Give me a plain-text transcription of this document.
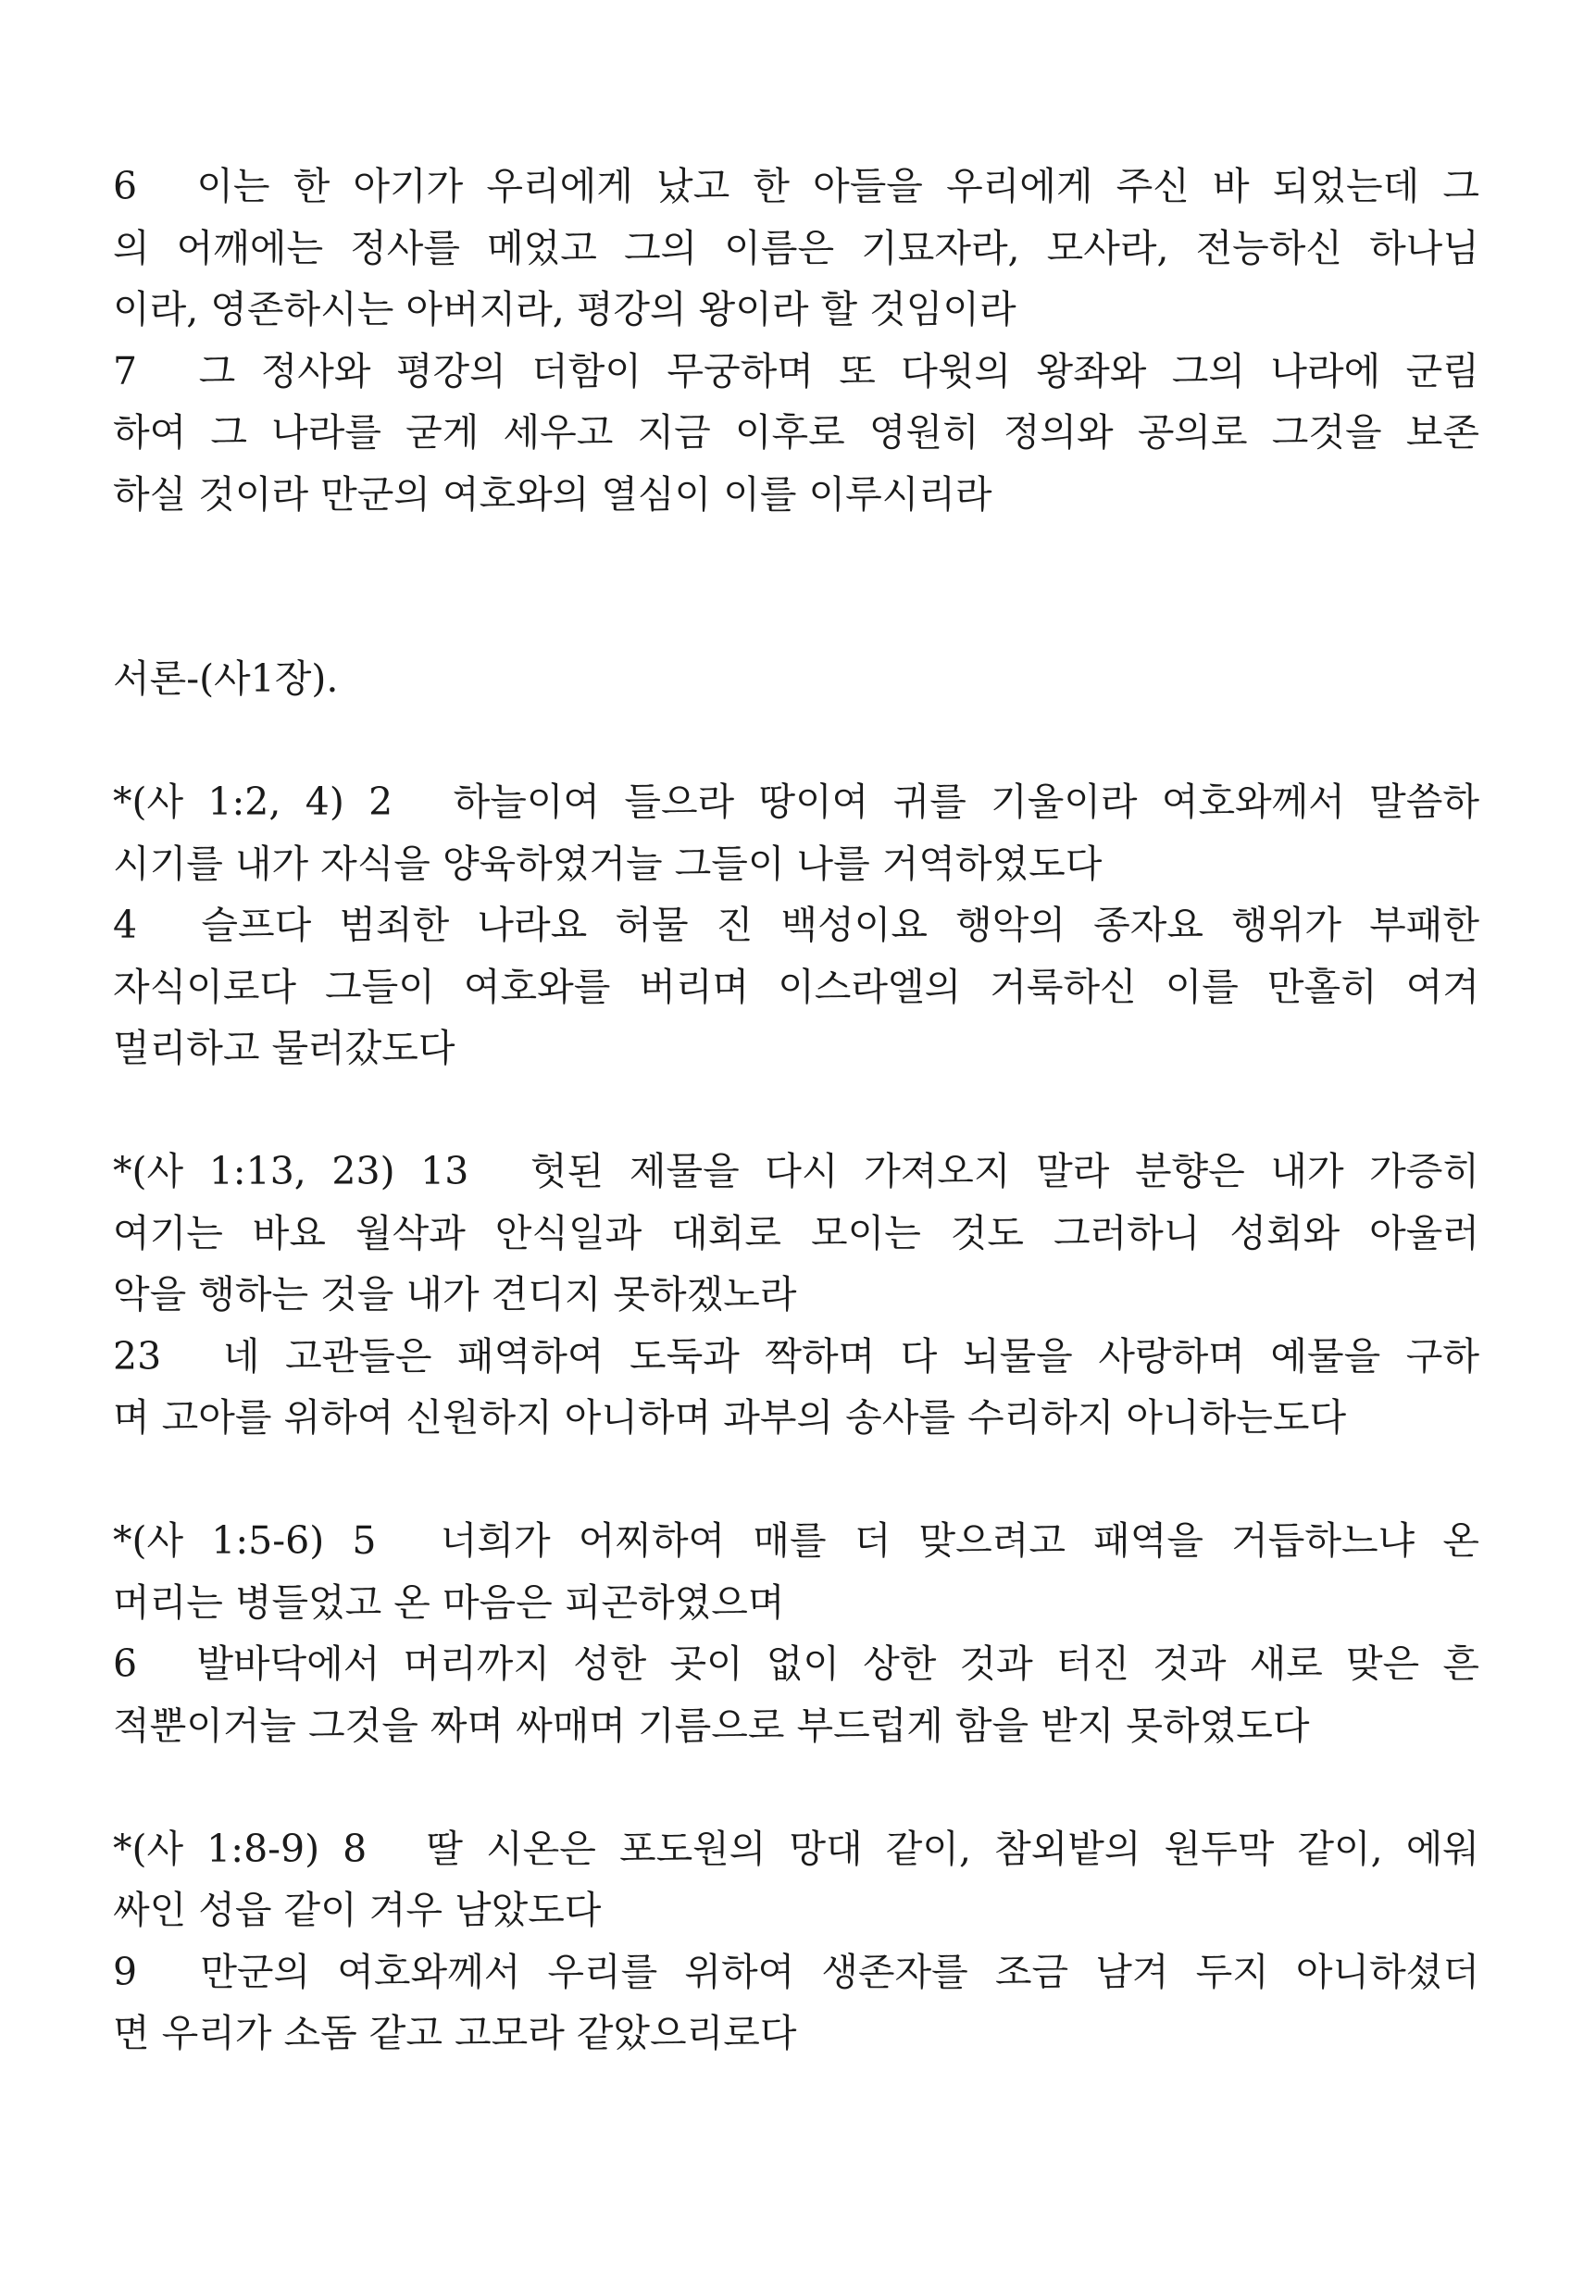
6 이는 한 아기가 우리에게 났고 한 아들을 우리에게 주신 바 되었는데 그
의 어깨에는 정사를 메었고 그의 이름은 기묘자라, 모사라, 전능하신 하나님
이라, 영존하시는 아버지라, 평강의 왕이라 할 것임이라
7 그 정사와 평강의 더함이 무궁하며 또 다윗의 왕좌와 그의 나라에 군림
하여 그 나라를 굳게 세우고 지금 이후로 영원히 정의와 공의로 그것을 보존
하실 것이라 만군의 여호와의 열심이 이를 이루시리라
서론-(사1장).
*(사 1:2, 4) 2 하늘이여 들으라 땅이여 귀를 기울이라 여호와께서 말씀하
시기를 내가 자식을 양육하였거늘 그들이 나를 거역하였도다
4 슬프다 범죄한 나라요 허물 진 백성이요 행악의 종자요 행위가 부패한
자식이로다 그들이 여호와를 버리며 이스라엘의 거룩하신 이를 만홀히 여겨
멀리하고 물러갔도다
*(사 1:13, 23) 13 헛된 제물을 다시 가져오지 말라 분향은 내가 가증히
여기는 바요 월삭과 안식일과 대회로 모이는 것도 그러하니 성회와 아울러
악을 행하는 것을 내가 견디지 못하겠노라
23 네 고관들은 패역하여 도둑과 짝하며 다 뇌물을 사랑하며 예물을 구하
며 고아를 위하여 신원하지 아니하며 과부의 송사를 수리하지 아니하는도다
*(사 1:5-6) 5 너희가 어찌하여 매를 더 맞으려고 패역을 거듭하느냐 온
머리는 병들었고 온 마음은 피곤하였으며
6 발바닥에서 머리까지 성한 곳이 없이 상한 것과 터진 것과 새로 맞은 흔
적뿐이거늘 그것을 짜며 싸매며 기름으로 부드럽게 함을 받지 못하였도다
*(사 1:8-9) 8 딸 시온은 포도원의 망대 같이, 참외밭의 원두막 같이, 에워
싸인 성읍 같이 겨우 남았도다
9 만군의 여호와께서 우리를 위하여 생존자를 조금 남겨 두지 아니하셨더
면 우리가 소돔 같고 고모라 같았으리로다
